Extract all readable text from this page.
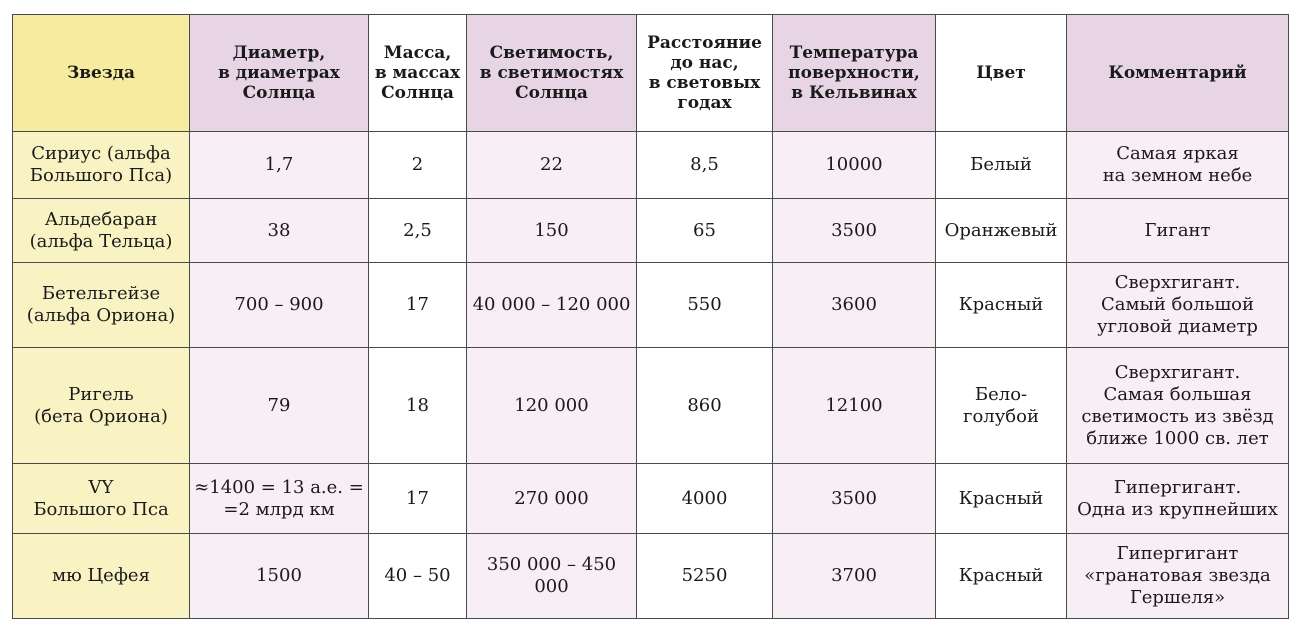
Звезда	Диаметр,
в диаметрах
Солнца	Масса,
в массах
Солнца	Светимость,
в светимостях
Солнца	Расстояние
до нас,
в световых
годах	Температура
поверхности,
в Кельвинах	Цвет	Комментарий

Сириус (альфа
Большого Пса)	1,7	2	22	8,5	10000	Белый	Самая яркая
на земном небе

Альдебаран
(альфа Тельца)	38	2,5	150	65	3500	Оранжевый	Гигант

Бетельгейзе
(альфа Ориона)	700 – 900	17	40 000 – 120 000	550	3600	Красный	Сверхгигант.
Самый большой
угловой диаметр

Ригель
(бета Ориона)	79	18	120 000	860	12100	Бело-
голубой	Сверхгигант.
Самая большая
светимость из звёзд
ближе 1000 св. лет

VY
Большого Пса	≈1400 = 13 а.е. =
=2 млрд км	17	270 000	4000	3500	Красный	Гипергигант.
Одна из крупнейших

мю Цефея	1500	40 – 50	350 000 – 450 000	5250	3700	Красный	Гипергигант
«гранатовая звезда
Гершеля»
